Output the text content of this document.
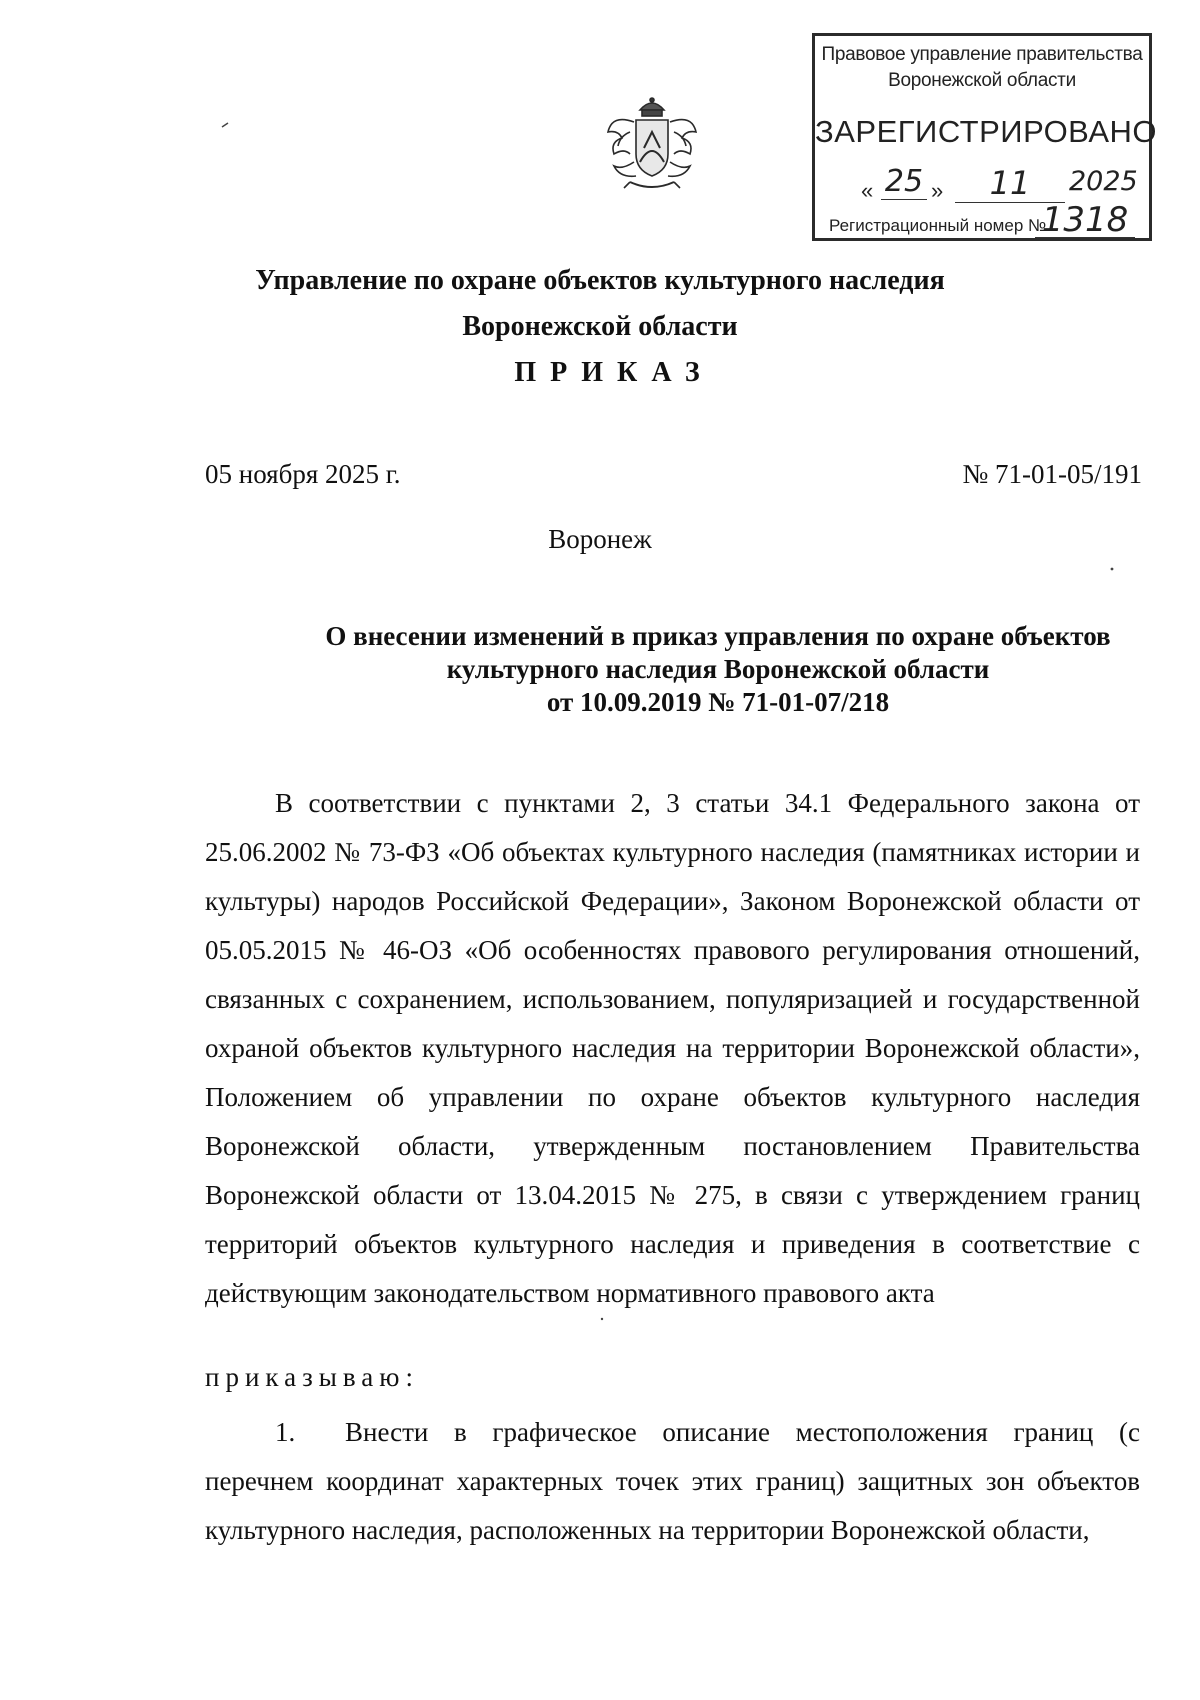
Правовое управление правительства
Воронежской области
ЗАРЕГИСТРИРОВАНО
« 25 »	11	2025
Регистрационный номер №
1318
Управление по охране объектов культурного наследия
Воронежской области
ПРИКАЗ
05 ноября 2025 г.	№ 71-01-05/191
Воронеж
О внесении изменений в приказ управления по охране объектов
культурного наследия Воронежской области
от 10.09.2019 № 71-01-07/218

В соответствии с пунктами 2, 3 статьи 34.1 Федерального закона от 25.06.2002 № 73-ФЗ «Об объектах культурного наследия (памятниках истории и культуры) народов Российской Федерации», Законом Воронежской области от 05.05.2015 № 46-ОЗ «Об особенностях правового регулирования отношений, связанных с сохранением, использованием, популяризацией и государственной охраной объектов культурного наследия на территории Воронежской области», Положением об управлении по охране объектов культурного наследия Воронежской области, утвержденным постановлением Правительства Воронежской области от 13.04.2015 № 275, в связи с утверждением границ территорий объектов культурного наследия и приведения в соответствие с действующим законодательством нормативного правового акта

приказываю:

1. Внести в графическое описание местоположения границ (с перечнем координат характерных точек этих границ) защитных зон объектов культурного наследия, расположенных на территории Воронежской области,
